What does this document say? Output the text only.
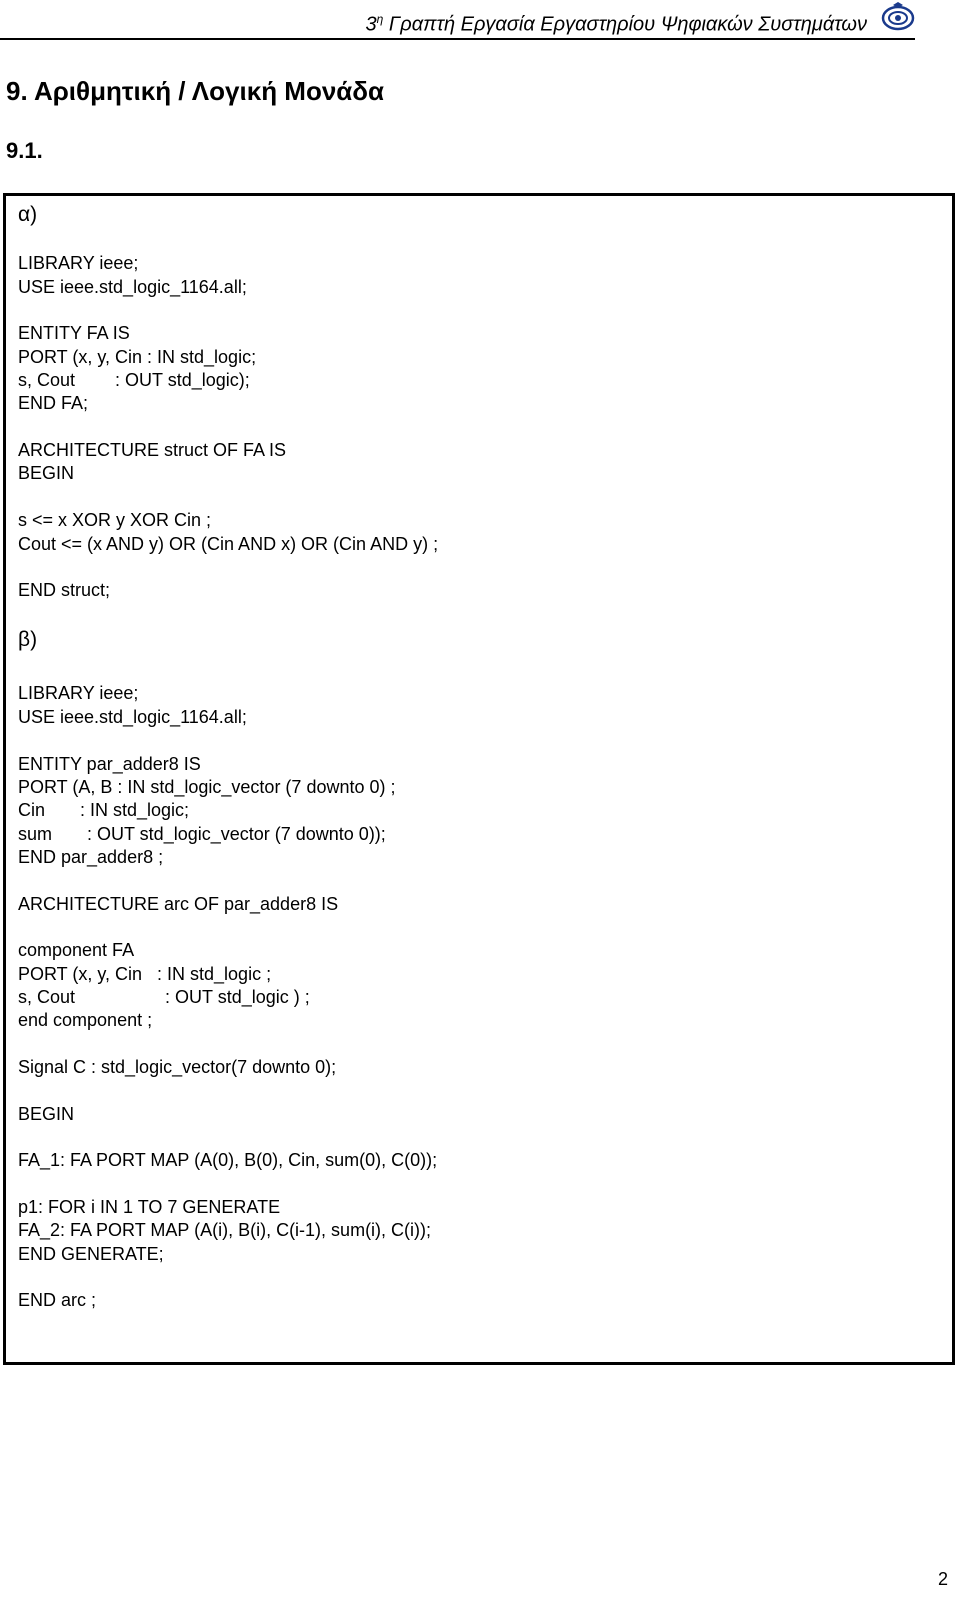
$3^\eta$ Γραπτή Εργασία Εργαστηρίου Ψηφιακών Συστημάτων
9. Αριθμητική / Λογική Μονάδα
9.1.
α)
LIBRARY ieee;
USE ieee.std_logic_1164.all;
ENTITY FA IS
PORT (x, y, Cin : IN std_logic;
s, Cout        : OUT std_logic);
END FA;
ARCHITECTURE struct OF FA IS
BEGIN
s <= x XOR y XOR Cin ;
Cout <= (x AND y) OR (Cin AND x) OR (Cin AND y) ;
END struct;
β)
LIBRARY ieee;
USE ieee.std_logic_1164.all;
ENTITY par_adder8 IS
PORT (A, B : IN std_logic_vector (7 downto 0) ;
Cin       : IN std_logic;
sum       : OUT std_logic_vector (7 downto 0));
END par_adder8 ;
ARCHITECTURE arc OF par_adder8 IS
component FA
PORT (x, y, Cin   : IN std_logic ;
s, Cout                  : OUT std_logic ) ;
end component ;
Signal C : std_logic_vector(7 downto 0);
BEGIN
FA_1: FA PORT MAP (A(0), B(0), Cin, sum(0), C(0));
p1: FOR i IN 1 TO 7 GENERATE
FA_2: FA PORT MAP (A(i), B(i), C(i-1), sum(i), C(i));
END GENERATE;
END arc ;
2
